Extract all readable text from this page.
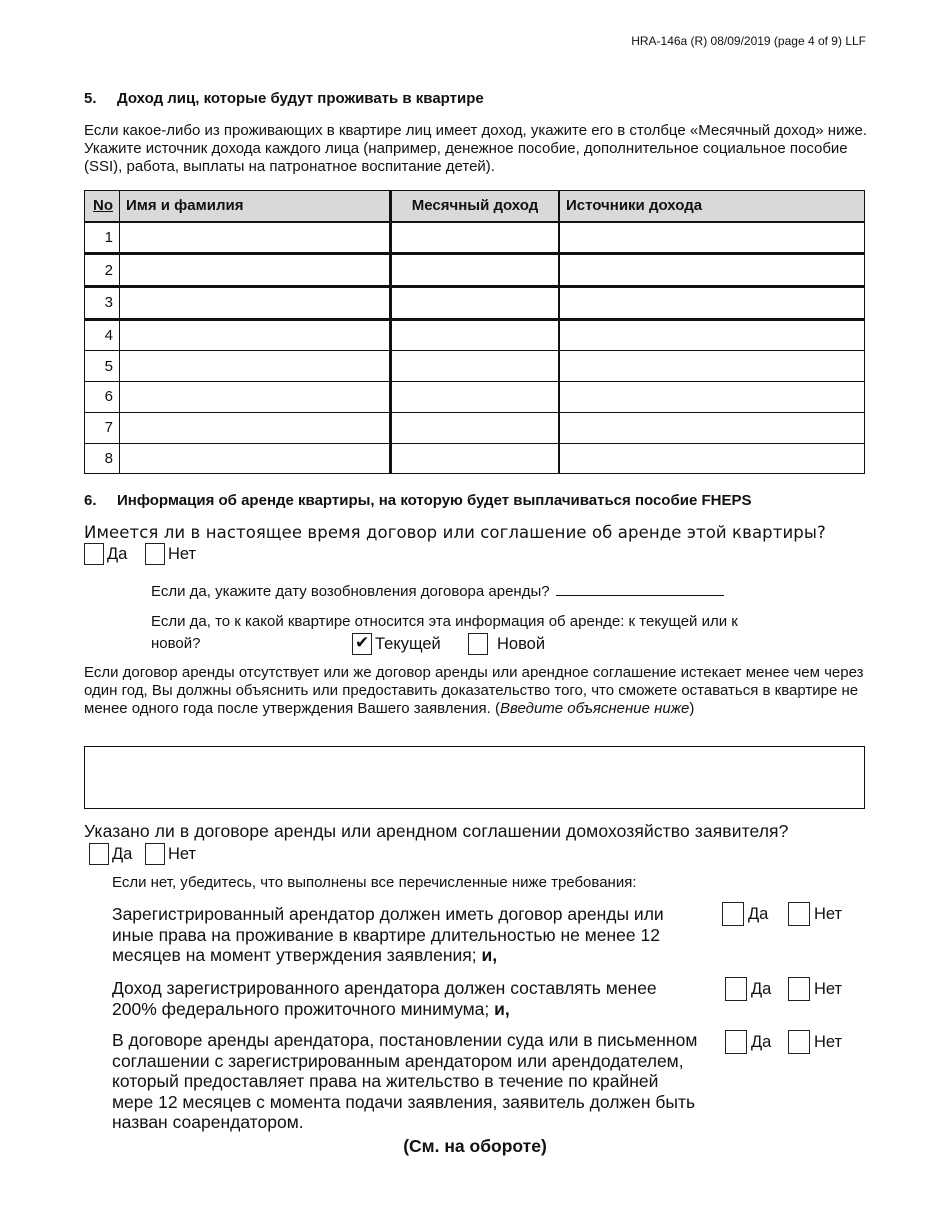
HRA-146a (R) 08/09/2019 (page 4 of 9) LLF
5. Доход лиц, которые будут проживать в квартире
Если какое-либо из проживающих в квартире лиц имеет доход, укажите его в столбце «Месячный доход» ниже. Укажите источник дохода каждого лица (например, денежное пособие, дополнительное социальное пособие (SSI), работа, выплаты на патронатное воспитание детей).
No	Имя и фамилия	Месячный доход	Источники дохода
1			
2			
3			
4			
5			
6			
7			
8			
6. Информация об аренде квартиры, на которую будет выплачиваться пособие FHEPS
Имеется ли в настоящее время договор или соглашение об аренде этой квартиры?
Да Нет
Если да, укажите дату возобновления договора аренды?
Если да, то к какой квартире относится эта информация об аренде: к текущей или к
новой? ✔	Текущей	Новой
Если договор аренды отсутствует или же договор аренды или арендное соглашение истекает менее чем через один год, Вы должны объяснить или предоставить доказательство того, что сможете оставаться в квартире не менее одного года после утверждения Вашего заявления. (Введите объяснение ниже)
Указано ли в договоре аренды или арендном соглашении домохозяйство заявителя?
Да Нет
Если нет, убедитесь, что выполнены все перечисленные ниже требования:
Зарегистрированный арендатор должен иметь договор аренды или иные права на проживание в квартире длительностью не менее 12 месяцев на момент утверждения заявления; и,
Да	Нет
Доход зарегистрированного арендатора должен составлять менее 200% федерального прожиточного минимума; и,
Да	Нет
В договоре аренды арендатора, постановлении суда или в письменном соглашении с зарегистрированным арендатором или арендодателем, который предоставляет права на жительство в течение по крайней мере 12 месяцев с момента подачи заявления, заявитель должен быть назван соарендатором.
Да	Нет
(См. на обороте)
